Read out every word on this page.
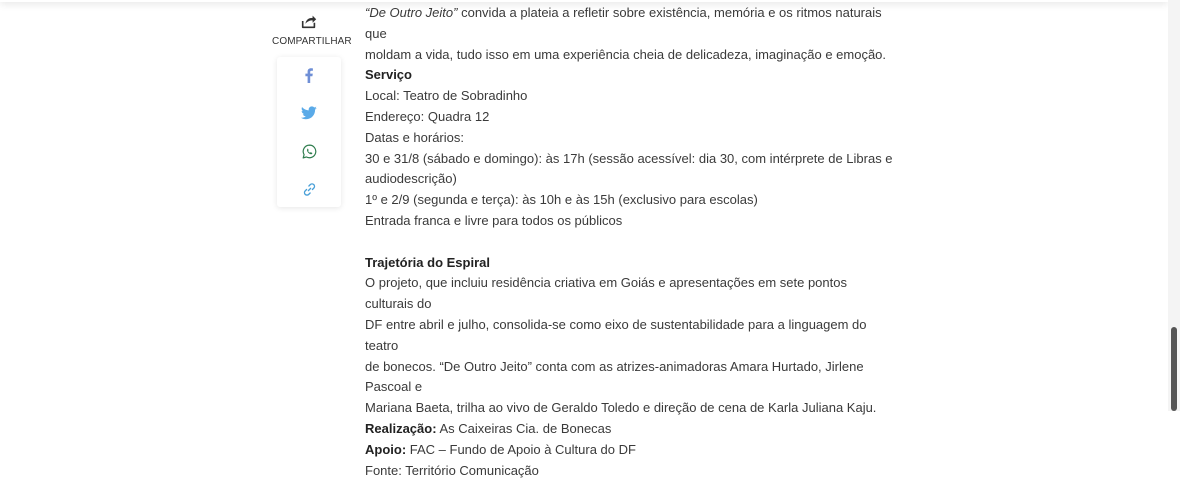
COMPARTILHAR

“De Outro Jeito” convida a plateia a refletir sobre existência, memória e os ritmos naturais que
moldam a vida, tudo isso em uma experiência cheia de delicadeza, imaginação e emoção.

Serviço

Local: Teatro de Sobradinho

Endereço: Quadra 12

Datas e horários:

30 e 31/8 (sábado e domingo): às 17h (sessão acessível: dia 30, com intérprete de Libras e
audiodescrição)

1º e 2/9 (segunda e terça): às 10h e às 15h (exclusivo para escolas)

Entrada franca e livre para todos os públicos

Trajetória do Espiral

O projeto, que incluiu residência criativa em Goiás e apresentações em sete pontos culturais do
DF entre abril e julho, consolida-se como eixo de sustentabilidade para a linguagem do teatro
de bonecos. “De Outro Jeito” conta com as atrizes-animadoras Amara Hurtado, Jirlene Pascoal e
Mariana Baeta, trilha ao vivo de Geraldo Toledo e direção de cena de Karla Juliana Kaju.

Realização: As Caixeiras Cia. de Bonecas

Apoio: FAC – Fundo de Apoio à Cultura do DF

Fonte: Território Comunicação
